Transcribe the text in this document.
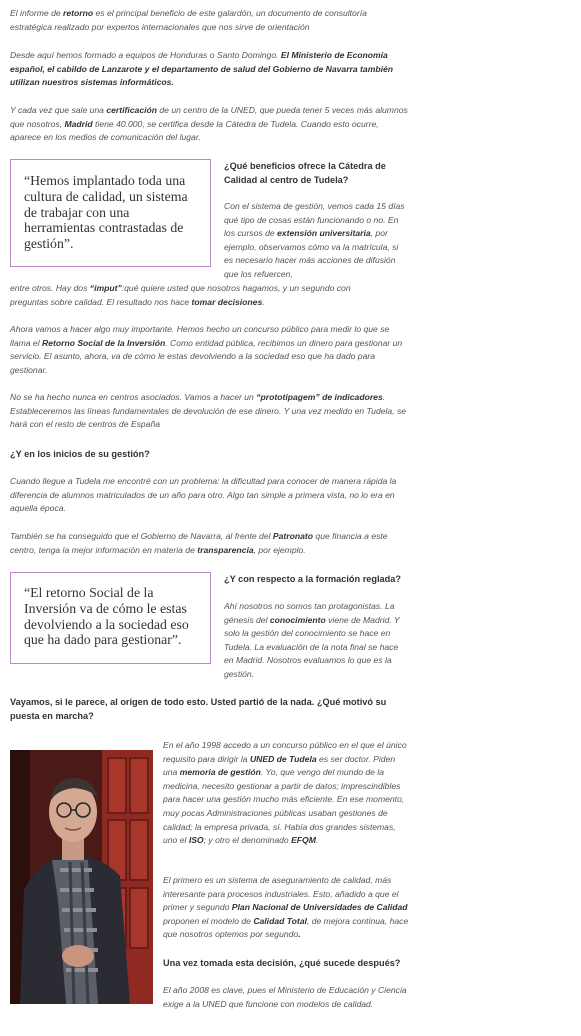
El informe de retorno es el principal beneficio de este galardón, un documento de consultoría estratégica realizado por expertos internacionales que nos sirve de orientación
Desde aquí hemos formado a equipos de Honduras o Santo Domingo. El Ministerio de Economía español, el cabildo de Lanzarote y el departamento de salud del Gobierno de Navarra también utilizan nuestros sistemas informáticos.
Y cada vez que sale una certificación de un centro de la UNED, que pueda tener 5 veces más alumnos que nosotros, Madrid tiene 40.000, se certifica desde la Cátedra de Tudela. Cuando esto ocurre, aparece en los medios de comunicación del lugar.
“Hemos implantado toda una cultura de calidad, un sistema de trabajar con una herramientas contrastadas de gestión”.
¿Qué beneficios ofrece la Cátedra de Calidad al centro de Tudela?
Con el sistema de gestión, vemos cada 15 días qué tipo de cosas están funcionando o no. En los cursos de extensión universitaria, por ejemplo, observamos cómo va la matrícula, si es necesario hacer más acciones de difusión que los refuercen,
entre otros. Hay dos “imput”:qué quiere usted que nosotros hagamos, y un segundo con preguntas sobre calidad. El resultado nos hace tomar decisiones.
Ahora vamos a hacer algo muy importante. Hemos hecho un concurso público para medir lo que se llama el Retorno Social de la Inversión. Como entidad pública, recibimos un dinero para gestionar un servicio. El asunto, ahora, va de cómo le estas devolviendo a la sociedad eso que ha dado para gestionar.
No se ha hecho nunca en centros asociados. Vamos a hacer un “prototipagem” de indicadores. Estableceremos las líneas fundamentales de devolución de ese dinero. Y una vez medido en Tudela, se hará con el resto de centros de España
¿Y en los inicios de su gestión?
Cuando llegue a Tudela me encontré con un problema: la dificultad para conocer de manera rápida la diferencia de alumnos matriculados de un año para otro. Algo tan simple a primera vista, no lo era en aquella época.
También se ha conseguido que el Gobierno de Navarra, al frente del Patronato que financia a este centro, tenga la mejor información en materia de transparencia, por ejemplo.
“El retorno Social de la Inversión va de cómo le estas devolviendo a la sociedad eso que ha dado para gestionar”.
¿Y con respecto a la formación reglada?
Ahí nosotros no somos tan protagonistas. La génesis del conocimiento viene de Madrid. Y solo la gestión del conocimiento se hace en Tudela. La evaluación de la nota final se hace en Madrid. Nosotros evaluamos lo que es la gestión.
Vayamos, si le parece, al origen de todo esto. Usted partió de la nada. ¿Qué motivó su puesta en marcha?
En el año 1998 accedo a un concurso público en el que el único requisito para dirigir la UNED de Tudela es ser doctor. Piden una memoria de gestión. Yo, que vengo del mundo de la medicina, necesito gestionar a partir de datos; imprescindibles para hacer una gestión mucho más eficiente. En ese momento, muy pocas Administraciones públicas usaban gestiones de calidad; la empresa privada, sí. Había dos grandes sistemas, uno el ISO; y otro el denominado EFQM.
El primero es un sistema de aseguramiento de calidad, más interesante para procesos industriales. Esto, añadido a que el primer y segundo Plan Nacional de Universidades de Calidad proponen el modelo de Calidad Total, de mejora continua, hace que nosotros optemos por segundo.
Una vez tomada esta decisión, ¿qué sucede después?
El año 2008 es clave, pues el Ministerio de Educación y Ciencia exige a la UNED que funcione con modelos de calidad.
